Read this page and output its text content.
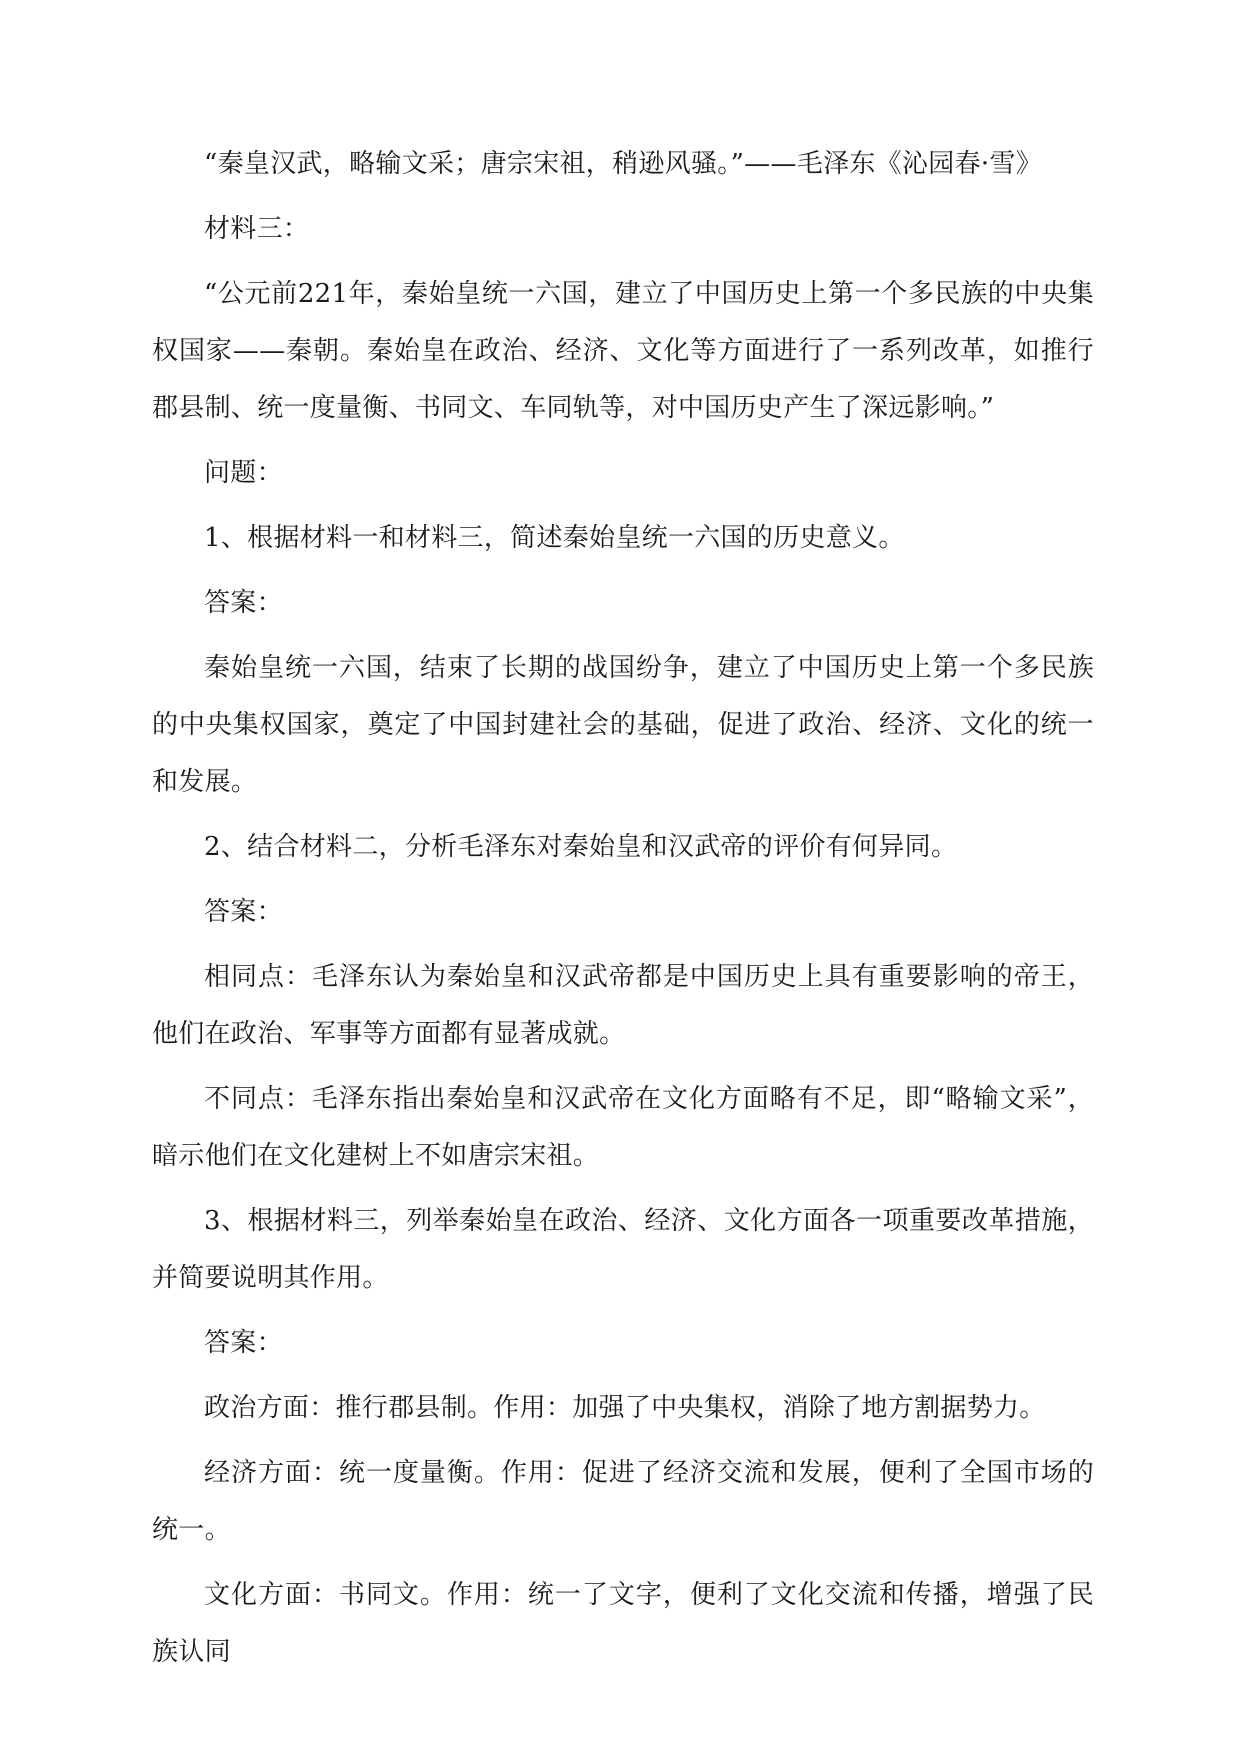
“秦皇汉武，略输文采；唐宗宋祖，稍逊风骚。”——毛泽东《沁园春·雪》

材料三：

“公元前221年，秦始皇统一六国，建立了中国历史上第一个多民族的中央集权国家——秦朝。秦始皇在政治、经济、文化等方面进行了一系列改革，如推行郡县制、统一度量衡、书同文、车同轨等，对中国历史产生了深远影响。”

问题：

1、根据材料一和材料三，简述秦始皇统一六国的历史意义。

答案：

秦始皇统一六国，结束了长期的战国纷争，建立了中国历史上第一个多民族的中央集权国家，奠定了中国封建社会的基础，促进了政治、经济、文化的统一和发展。

2、结合材料二，分析毛泽东对秦始皇和汉武帝的评价有何异同。

答案：

相同点：毛泽东认为秦始皇和汉武帝都是中国历史上具有重要影响的帝王，他们在政治、军事等方面都有显著成就。

不同点：毛泽东指出秦始皇和汉武帝在文化方面略有不足，即“略输文采”，暗示他们在文化建树上不如唐宗宋祖。

3、根据材料三，列举秦始皇在政治、经济、文化方面各一项重要改革措施，并简要说明其作用。

答案：

政治方面：推行郡县制。作用：加强了中央集权，消除了地方割据势力。

经济方面：统一度量衡。作用：促进了经济交流和发展，便利了全国市场的统一。

文化方面：书同文。作用：统一了文字，便利了文化交流和传播，增强了民族认同
